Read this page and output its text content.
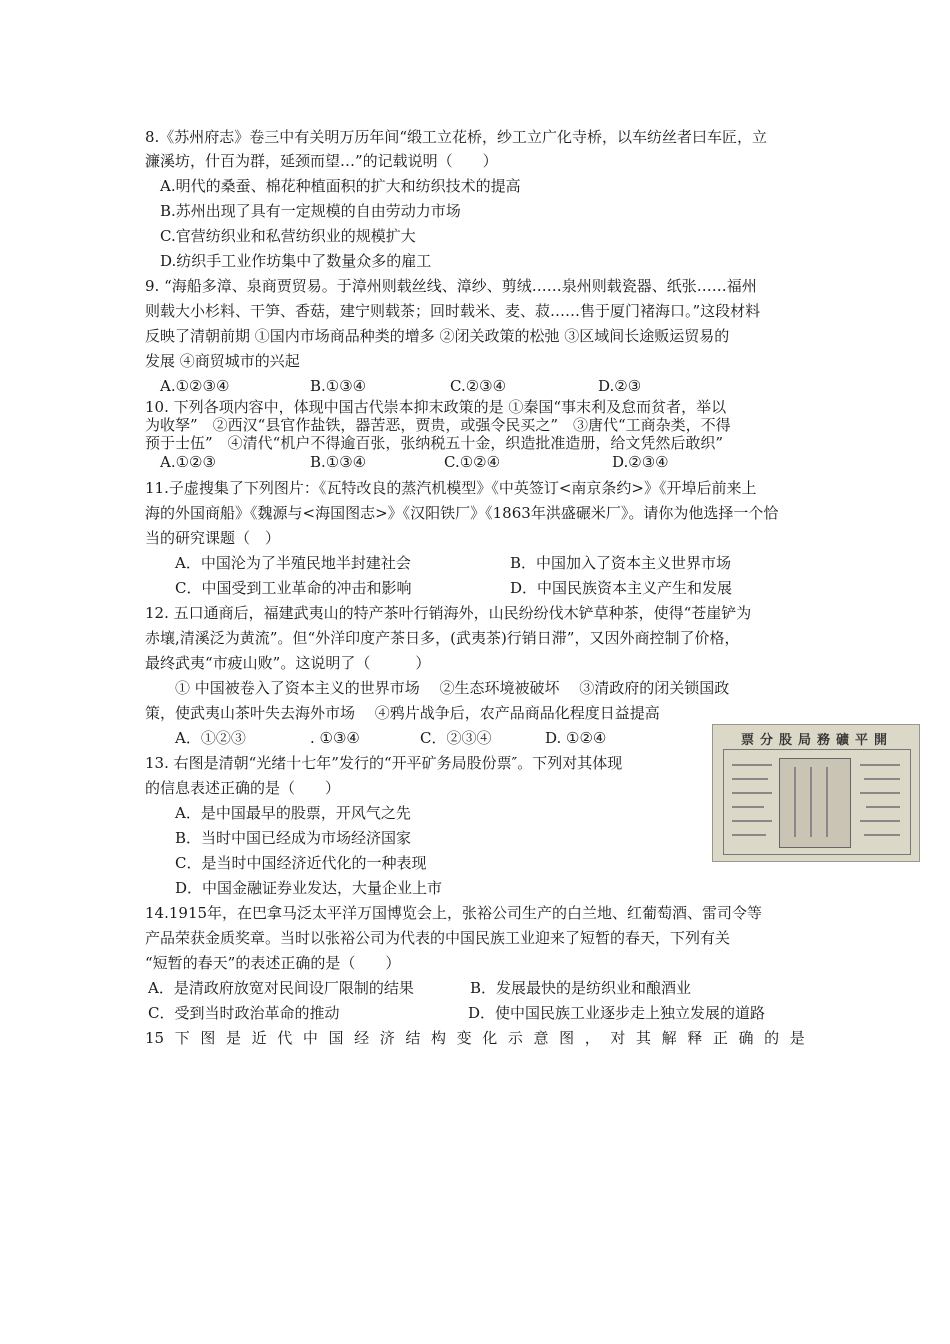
8.《苏州府志》卷三中有关明万历年间“缎工立花桥，纱工立广化寺桥，以车纺丝者曰车匠，立
濂溪坊，什百为群，延颈而望…”的记载说明（　　）
A.明代的桑蚕、棉花种植面积的扩大和纺织技术的提高
B.苏州出现了具有一定规模的自由劳动力市场
C.官营纺织业和私营纺织业的规模扩大
D.纺织手工业作坊集中了数量众多的雇工
9. “海船多漳、泉商贾贸易。于漳州则载丝线、漳纱、剪绒……泉州则载瓷器、纸张……福州
则载大小杉料、干笋、香菇，建宁则载茶；回时载米、麦、菽……售于厦门褚海口。”这段材料
反映了清朝前期 ①国内市场商品种类的增多 ②闭关政策的松弛 ③区域间长途贩运贸易的
发展 ④商贸城市的兴起
A.①②③④	B.①③④	C.②③④	D.②③
10. 下列各项内容中，体现中国古代崇本抑末政策的是 ①秦国“事末利及怠而贫者，举以
为收孥”　②西汉“县官作盐铁，器苦恶，贾贵，或强令民买之”　③唐代“工商杂类，不得
预于士伍”　④清代“机户不得逾百张，张纳税五十金，织造批准造册，给文凭然后敢织”
A.①②③	B.①③④	C.①②④	D.②③④
11.子虚搜集了下列图片：《瓦特改良的蒸汽机模型》《中英签订<南京条约>》《开埠后前来上
海的外国商船》《魏源与<海国图志>》《汉阳铁厂》《1863年洪盛碾米厂》。请你为他选择一个恰
当的研究课题（　）
A．中国沦为了半殖民地半封建社会	B．中国加入了资本主义世界市场
C．中国受到工业革命的冲击和影响	D．中国民族资本主义产生和发展
12. 五口通商后，福建武夷山的特产茶叶行销海外，山民纷纷伐木铲草种茶，使得“苍崖铲为
赤壤,清溪泛为黄流”。但“外洋印度产茶日多，(武夷茶)行销日滞”，又因外商控制了价格，
最终武夷“市疲山败”。这说明了（　　　）
① 中国被卷入了资本主义的世界市场　 ②生态环境被破坏　 ③清政府的闭关锁国政
策，使武夷山茶叶失去海外市场　 ④鸦片战争后，农产品商品化程度日益提高
A．①②③	. ①③④	C．②③④	D. ①②④
13. 右图是清朝“光绪十七年”发行的“开平矿务局股份票″。下列对其体现
的信息表述正确的是（　　）
A．是中国最早的股票，开风气之先
B．当时中国已经成为市场经济国家
C．是当时中国经济近代化的一种表现
D．中国金融证券业发达，大量企业上市
票分股局務礦平開
14.1915年，在巴拿马泛太平洋万国博览会上，张裕公司生产的白兰地、红葡萄酒、雷司令等
产品荣获金质奖章。当时以张裕公司为代表的中国民族工业迎来了短暂的春天，下列有关
“短暂的春天”的表述正确的是（　　）
A．是清政府放宽对民间设厂限制的结果	B．发展最快的是纺织业和酿酒业
C．受到当时政治革命的推动	D．使中国民族工业逐步走上独立发展的道路
15 下 图 是 近 代 中 国 经 济 结 构 变 化 示 意 图 ， 对 其 解 释 正 确 的 是
